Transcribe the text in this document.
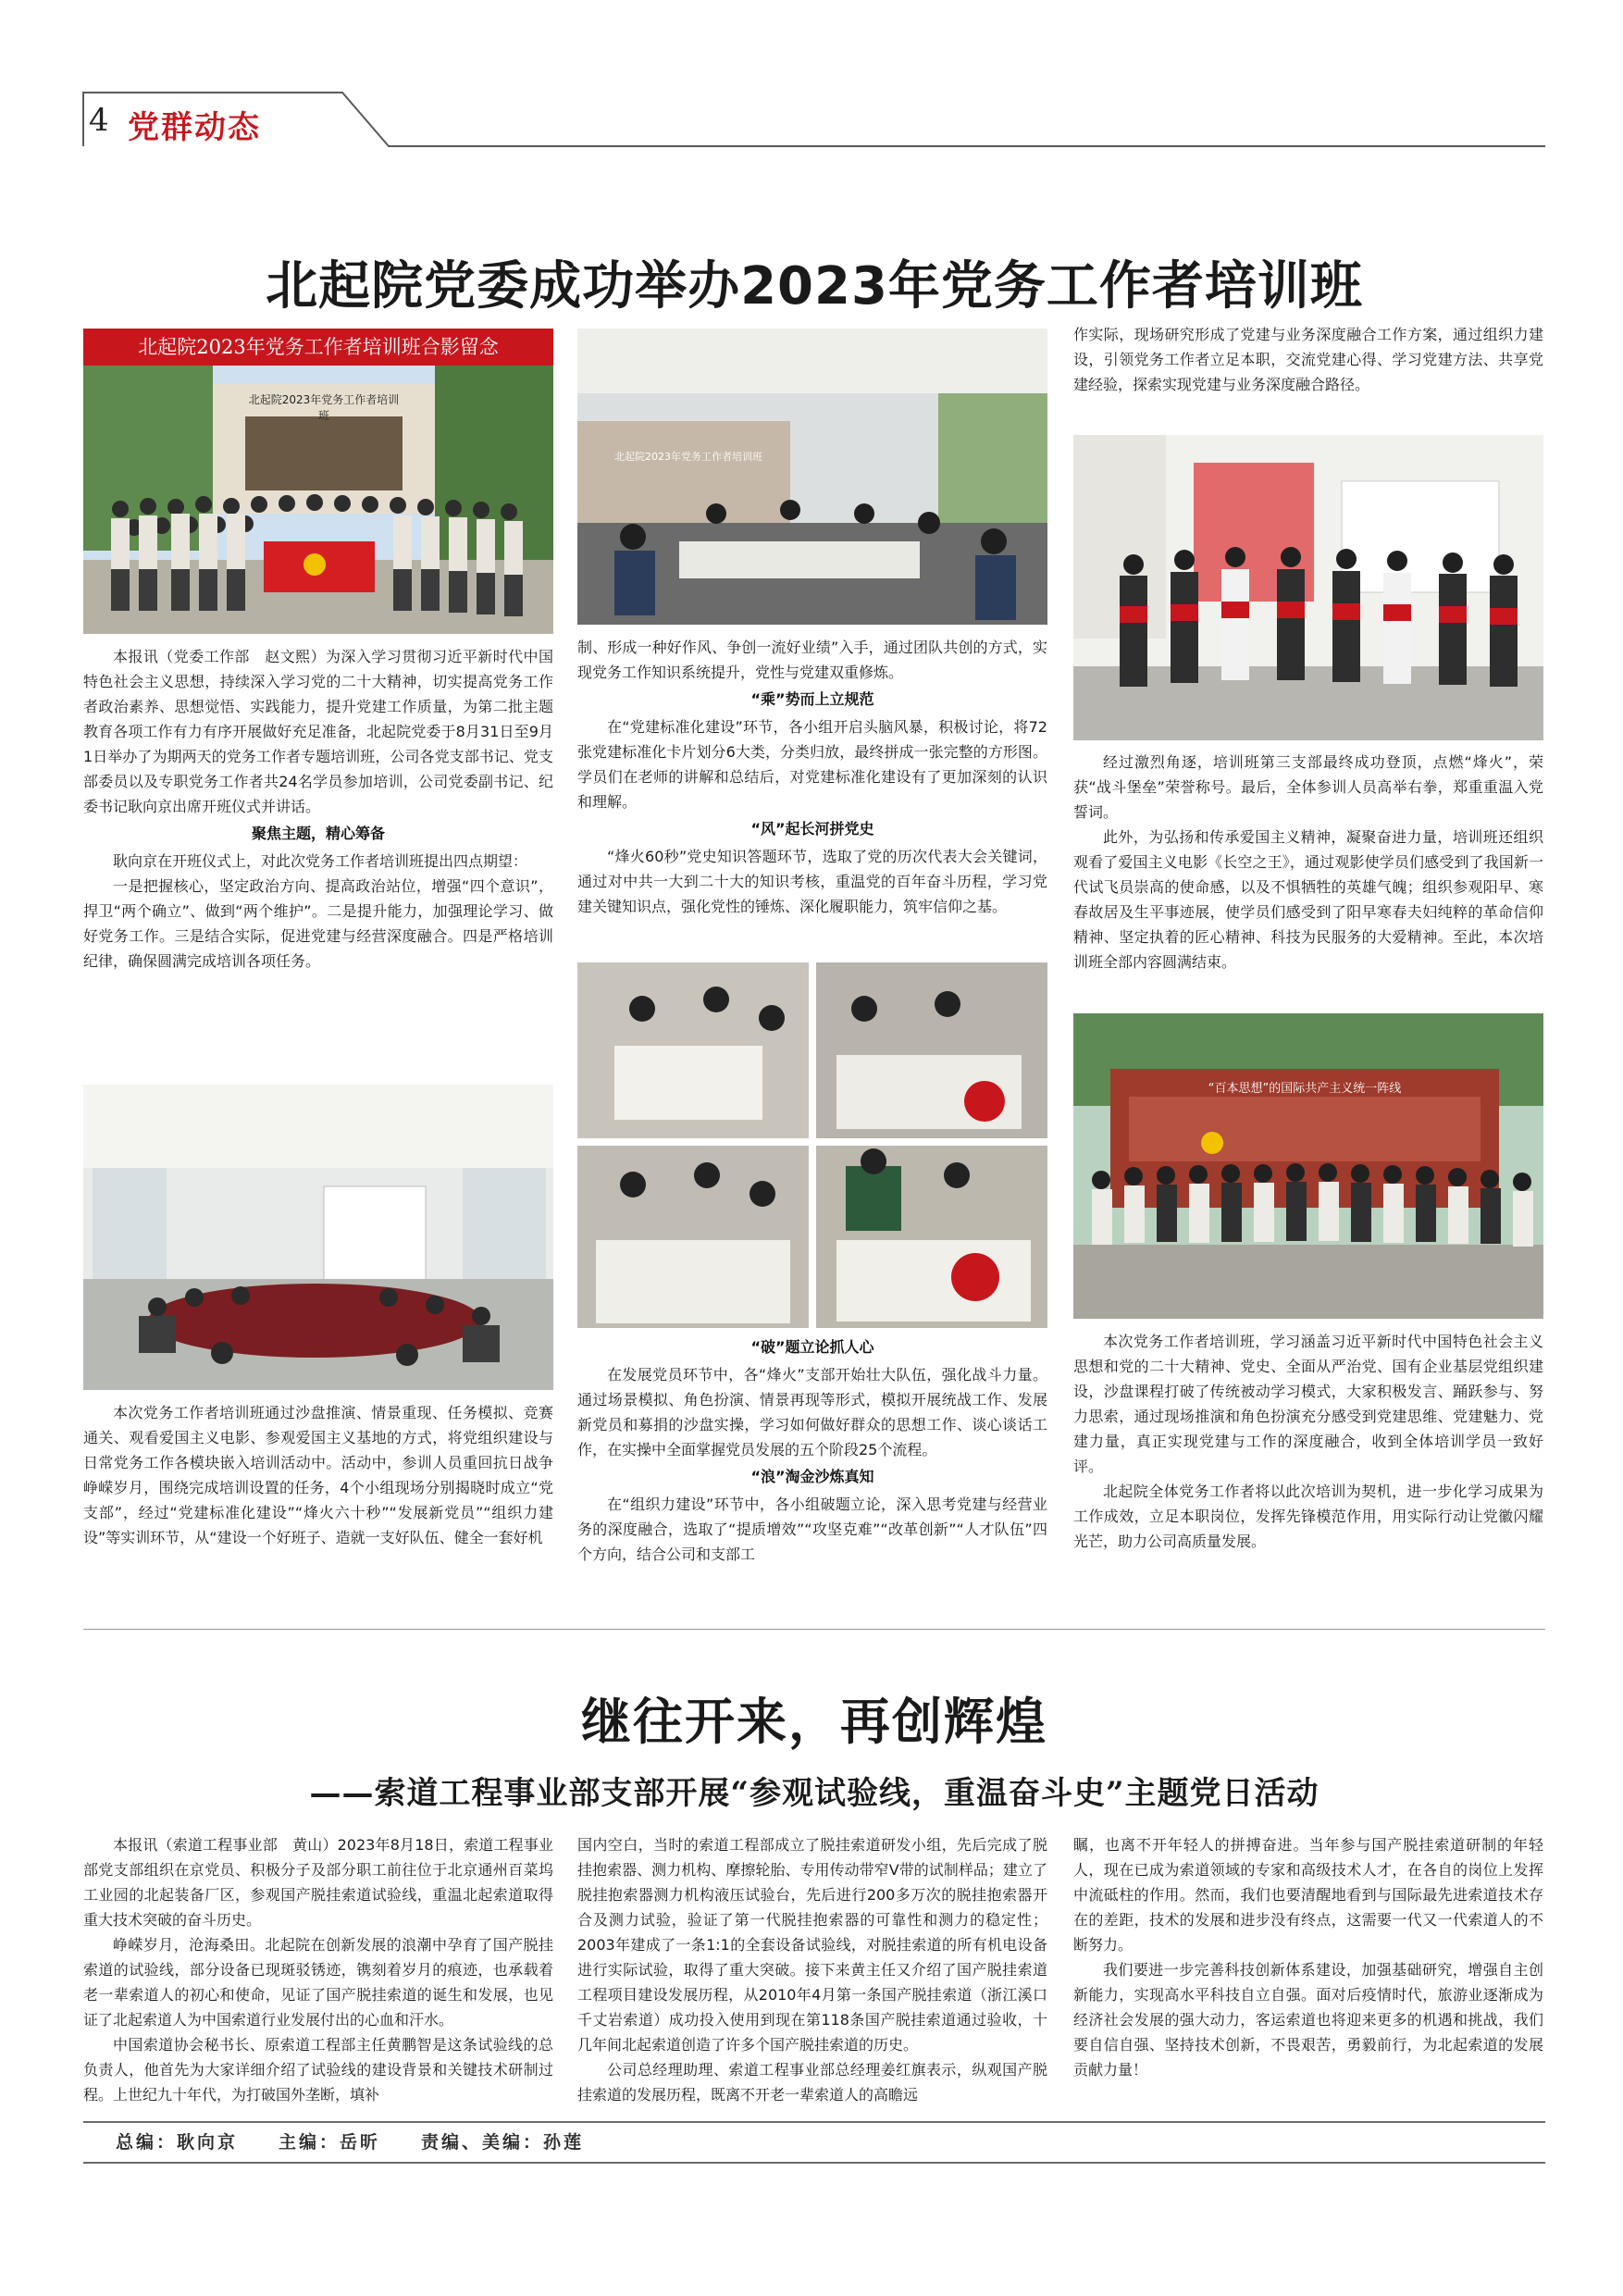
4 党群动态
北起院党委成功举办2023年党务工作者培训班
北起院2023年党务工作者培训班
北起院2023年党务工作者培训班合影留念

本报讯（党委工作部　赵文熙）为深入学习贯彻习近平新时代中国特色社会主义思想，持续深入学习党的二十大精神，切实提高党务工作者政治素养、思想觉悟、实践能力，提升党建工作质量，为第二批主题教育各项工作有力有序开展做好充足准备，北起院党委于8月31日至9月1日举办了为期两天的党务工作者专题培训班，公司各党支部书记、党支部委员以及专职党务工作者共24名学员参加培训，公司党委副书记、纪委书记耿向京出席开班仪式并讲话。

聚焦主题，精心筹备

耿向京在开班仪式上，对此次党务工作者培训班提出四点期望：

一是把握核心，坚定政治方向、提高政治站位，增强“四个意识”，捍卫“两个确立”、做到“两个维护”。二是提升能力，加强理论学习、做好党务工作。三是结合实际，促进党建与经营深度融合。四是严格培训纪律，确保圆满完成培训各项任务。

本次党务工作者培训班通过沙盘推演、情景重现、任务模拟、竞赛通关、观看爱国主义电影、参观爱国主义基地的方式，将党组织建设与日常党务工作各模块嵌入培训活动中。活动中，参训人员重回抗日战争峥嵘岁月，围绕完成培训设置的任务，4个小组现场分别揭晓时成立“党支部”，经过“党建标准化建设”“烽火六十秒”“发展新党员”“组织力建设”等实训环节，从“建设一个好班子、造就一支好队伍、健全一套好机

北起院2023年党务工作者培训班

制、形成一种好作风、争创一流好业绩”入手，通过团队共创的方式，实现党务工作知识系统提升，党性与党建双重修炼。

“乘”势而上立规范

在“党建标准化建设”环节，各小组开启头脑风暴，积极讨论，将72张党建标准化卡片划分6大类，分类归放，最终拼成一张完整的方形图。学员们在老师的讲解和总结后，对党建标准化建设有了更加深刻的认识和理解。

“风”起长河拼党史

“烽火60秒”党史知识答题环节，选取了党的历次代表大会关键词，通过对中共一大到二十大的知识考核，重温党的百年奋斗历程，学习党建关键知识点，强化党性的锤炼、深化履职能力，筑牢信仰之基。

“破”题立论抓人心

在发展党员环节中，各“烽火”支部开始壮大队伍，强化战斗力量。通过场景模拟、角色扮演、情景再现等形式，模拟开展统战工作、发展新党员和募捐的沙盘实操，学习如何做好群众的思想工作、谈心谈话工作，在实操中全面掌握党员发展的五个阶段25个流程。

“浪”淘金沙炼真知

在“组织力建设”环节中，各小组破题立论，深入思考党建与经营业务的深度融合，选取了“提质增效”“攻坚克难”“改革创新”“人才队伍”四个方向，结合公司和支部工

作实际，现场研究形成了党建与业务深度融合工作方案，通过组织力建设，引领党务工作者立足本职，交流党建心得、学习党建方法、共享党建经验，探索实现党建与业务深度融合路径。

经过激烈角逐，培训班第三支部最终成功登顶，点燃“烽火”，荣获“战斗堡垒”荣誉称号。最后，全体参训人员高举右拳，郑重重温入党誓词。

此外，为弘扬和传承爱国主义精神，凝聚奋进力量，培训班还组织观看了爱国主义电影《长空之王》，通过观影使学员们感受到了我国新一代试飞员崇高的使命感，以及不惧牺牲的英雄气魄；组织参观阳早、寒春故居及生平事迹展，使学员们感受到了阳早寒春夫妇纯粹的革命信仰精神、坚定执着的匠心精神、科技为民服务的大爱精神。至此，本次培训班全部内容圆满结束。

“百本思想”的国际共产主义统一阵线

本次党务工作者培训班，学习涵盖习近平新时代中国特色社会主义思想和党的二十大精神、党史、全面从严治党、国有企业基层党组织建设，沙盘课程打破了传统被动学习模式，大家积极发言、踊跃参与、努力思索，通过现场推演和角色扮演充分感受到党建思维、党建魅力、党建力量，真正实现党建与工作的深度融合，收到全体培训学员一致好评。

北起院全体党务工作者将以此次培训为契机，进一步化学习成果为工作成效，立足本职岗位，发挥先锋模范作用，用实际行动让党徽闪耀光芒，助力公司高质量发展。

继往开来，再创辉煌
——索道工程事业部支部开展“参观试验线，重温奋斗史”主题党日活动

本报讯（索道工程事业部　黄山）2023年8月18日，索道工程事业部党支部组织在京党员、积极分子及部分职工前往位于北京通州百菜坞工业园的北起装备厂区，参观国产脱挂索道试验线，重温北起索道取得重大技术突破的奋斗历史。

峥嵘岁月，沧海桑田。北起院在创新发展的浪潮中孕育了国产脱挂索道的试验线，部分设备已现斑驳锈迹，镌刻着岁月的痕迹，也承载着老一辈索道人的初心和使命，见证了国产脱挂索道的诞生和发展，也见证了北起索道人为中国索道行业发展付出的心血和汗水。

中国索道协会秘书长、原索道工程部主任黄鹏智是这条试验线的总负责人，他首先为大家详细介绍了试验线的建设背景和关键技术研制过程。上世纪九十年代，为打破国外垄断，填补

国内空白，当时的索道工程部成立了脱挂索道研发小组，先后完成了脱挂抱索器、测力机构、摩擦轮胎、专用传动带窄V带的试制样品；建立了脱挂抱索器测力机构液压试验台，先后进行200多万次的脱挂抱索器开合及测力试验，验证了第一代脱挂抱索器的可靠性和测力的稳定性；2003年建成了一条1:1的全套设备试验线，对脱挂索道的所有机电设备进行实际试验，取得了重大突破。接下来黄主任又介绍了国产脱挂索道工程项目建设发展历程，从2010年4月第一条国产脱挂索道（浙江溪口千丈岩索道）成功投入使用到现在第118条国产脱挂索道通过验收，十几年间北起索道创造了许多个国产脱挂索道的历史。

公司总经理助理、索道工程事业部总经理姜红旗表示，纵观国产脱挂索道的发展历程，既离不开老一辈索道人的高瞻远

瞩，也离不开年轻人的拼搏奋进。当年参与国产脱挂索道研制的年轻人，现在已成为索道领域的专家和高级技术人才，在各自的岗位上发挥中流砥柱的作用。然而，我们也要清醒地看到与国际最先进索道技术存在的差距，技术的发展和进步没有终点，这需要一代又一代索道人的不断努力。

我们要进一步完善科技创新体系建设，加强基础研究，增强自主创新能力，实现高水平科技自立自强。面对后疫情时代，旅游业逐渐成为经济社会发展的强大动力，客运索道也将迎来更多的机遇和挑战，我们要自信自强、坚持技术创新，不畏艰苦，勇毅前行，为北起索道的发展贡献力量！

总编：耿向京　　主编：岳昕　　责编、美编：孙莲
